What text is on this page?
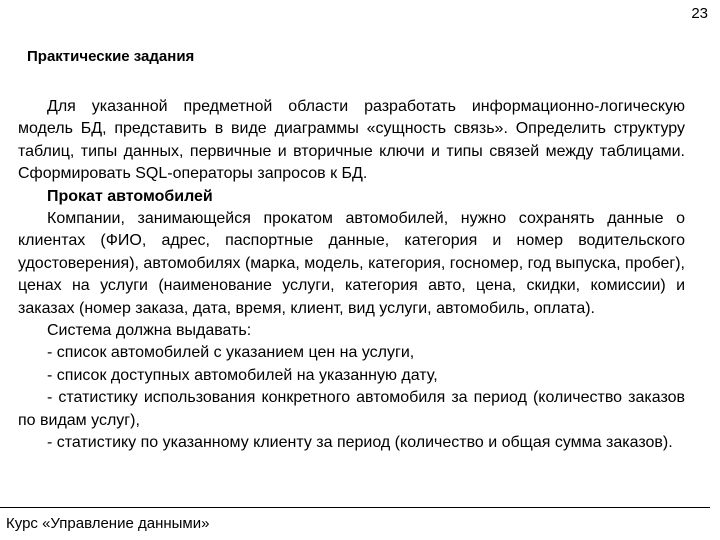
23
Практические задания

Для указанной предметной области разработать информационно-логическую модель БД, представить в виде диаграммы «сущность связь». Определить структуру таблиц, типы данных, первичные и вторичные ключи и типы связей между таблицами. Сформировать SQL-операторы запросов к БД.

Прокат автомобилей

Компании, занимающейся прокатом автомобилей, нужно сохранять данные о клиентах (ФИО, адрес, паспортные данные, категория и номер водительского удостоверения), автомобилях (марка, модель, категория, госномер, год выпуска, пробег), ценах на услуги (наименование услуги, категория авто, цена, скидки, комиссии) и заказах (номер заказа, дата, время, клиент, вид услуги, автомобиль, оплата).

Система должна выдавать:

- список автомобилей с указанием цен на услуги,

- список доступных автомобилей на указанную дату,

- статистику использования конкретного автомобиля за период (количество заказов по видам услуг),

- статистику по указанному клиенту за период (количество и общая сумма заказов).

Курс «Управление данными»
